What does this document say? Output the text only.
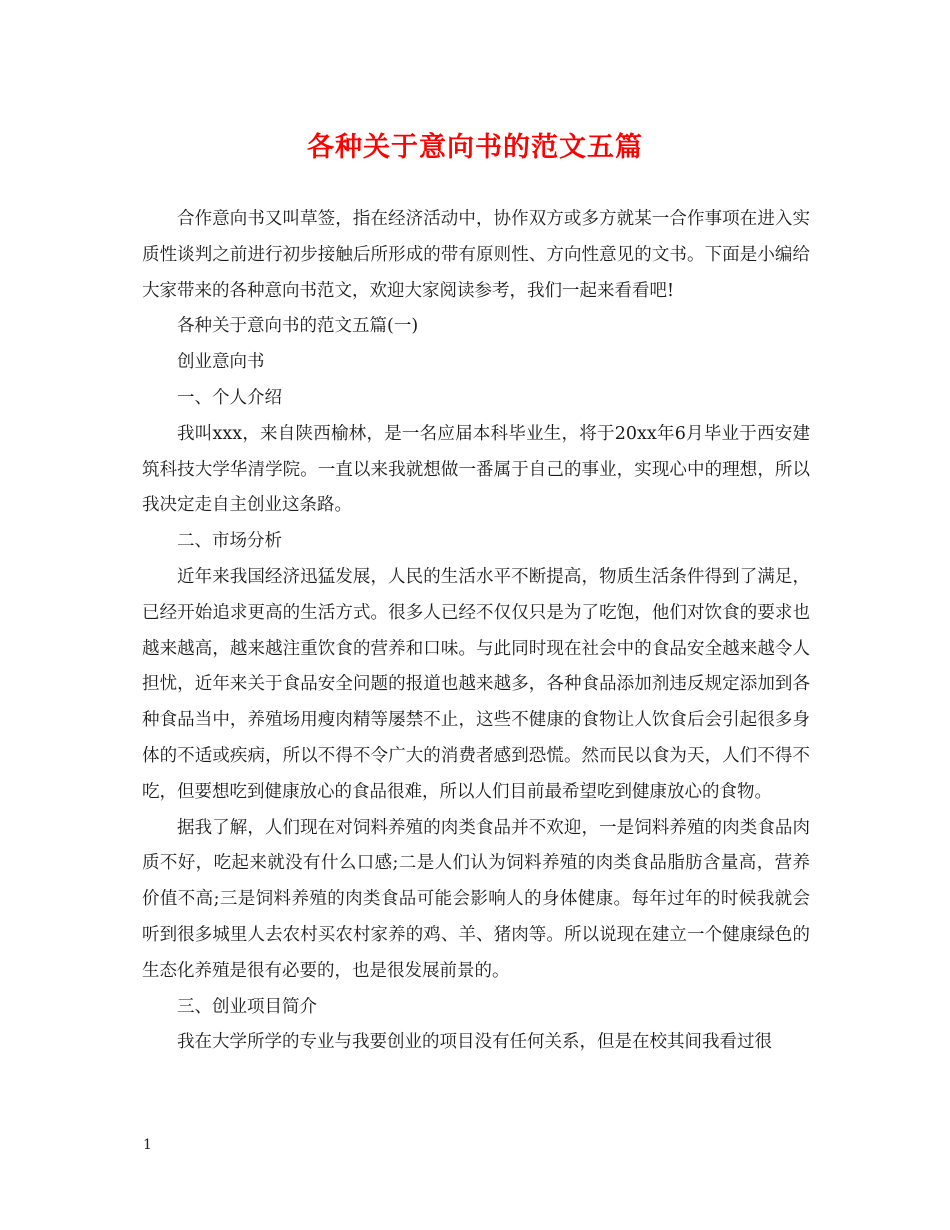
各种关于意向书的范文五篇

合作意向书又叫草签，指在经济活动中，协作双方或多方就某一合作事项在进入实质性谈判之前进行初步接触后所形成的带有原则性、方向性意见的文书。下面是小编给大家带来的各种意向书范文，欢迎大家阅读参考，我们一起来看看吧!

各种关于意向书的范文五篇(一)

创业意向书

一、个人介绍

我叫xxx，来自陕西榆林，是一名应届本科毕业生，将于20xx年6月毕业于西安建筑科技大学华清学院。一直以来我就想做一番属于自己的事业，实现心中的理想，所以我决定走自主创业这条路。

二、市场分析

近年来我国经济迅猛发展，人民的生活水平不断提高，物质生活条件得到了满足，已经开始追求更高的生活方式。很多人已经不仅仅只是为了吃饱，他们对饮食的要求也越来越高，越来越注重饮食的营养和口味。与此同时现在社会中的食品安全越来越令人担忧，近年来关于食品安全问题的报道也越来越多，各种食品添加剂违反规定添加到各种食品当中，养殖场用瘦肉精等屡禁不止，这些不健康的食物让人饮食后会引起很多身体的不适或疾病，所以不得不令广大的消费者感到恐慌。然而民以食为天，人们不得不吃，但要想吃到健康放心的食品很难，所以人们目前最希望吃到健康放心的食物。

据我了解，人们现在对饲料养殖的肉类食品并不欢迎，一是饲料养殖的肉类食品肉质不好，吃起来就没有什么口感;二是人们认为饲料养殖的肉类食品脂肪含量高，营养价值不高;三是饲料养殖的肉类食品可能会影响人的身体健康。每年过年的时候我就会听到很多城里人去农村买农村家养的鸡、羊、猪肉等。所以说现在建立一个健康绿色的生态化养殖是很有必要的，也是很发展前景的。

三、创业项目简介

我在大学所学的专业与我要创业的项目没有任何关系，但是在校其间我看过很

1
